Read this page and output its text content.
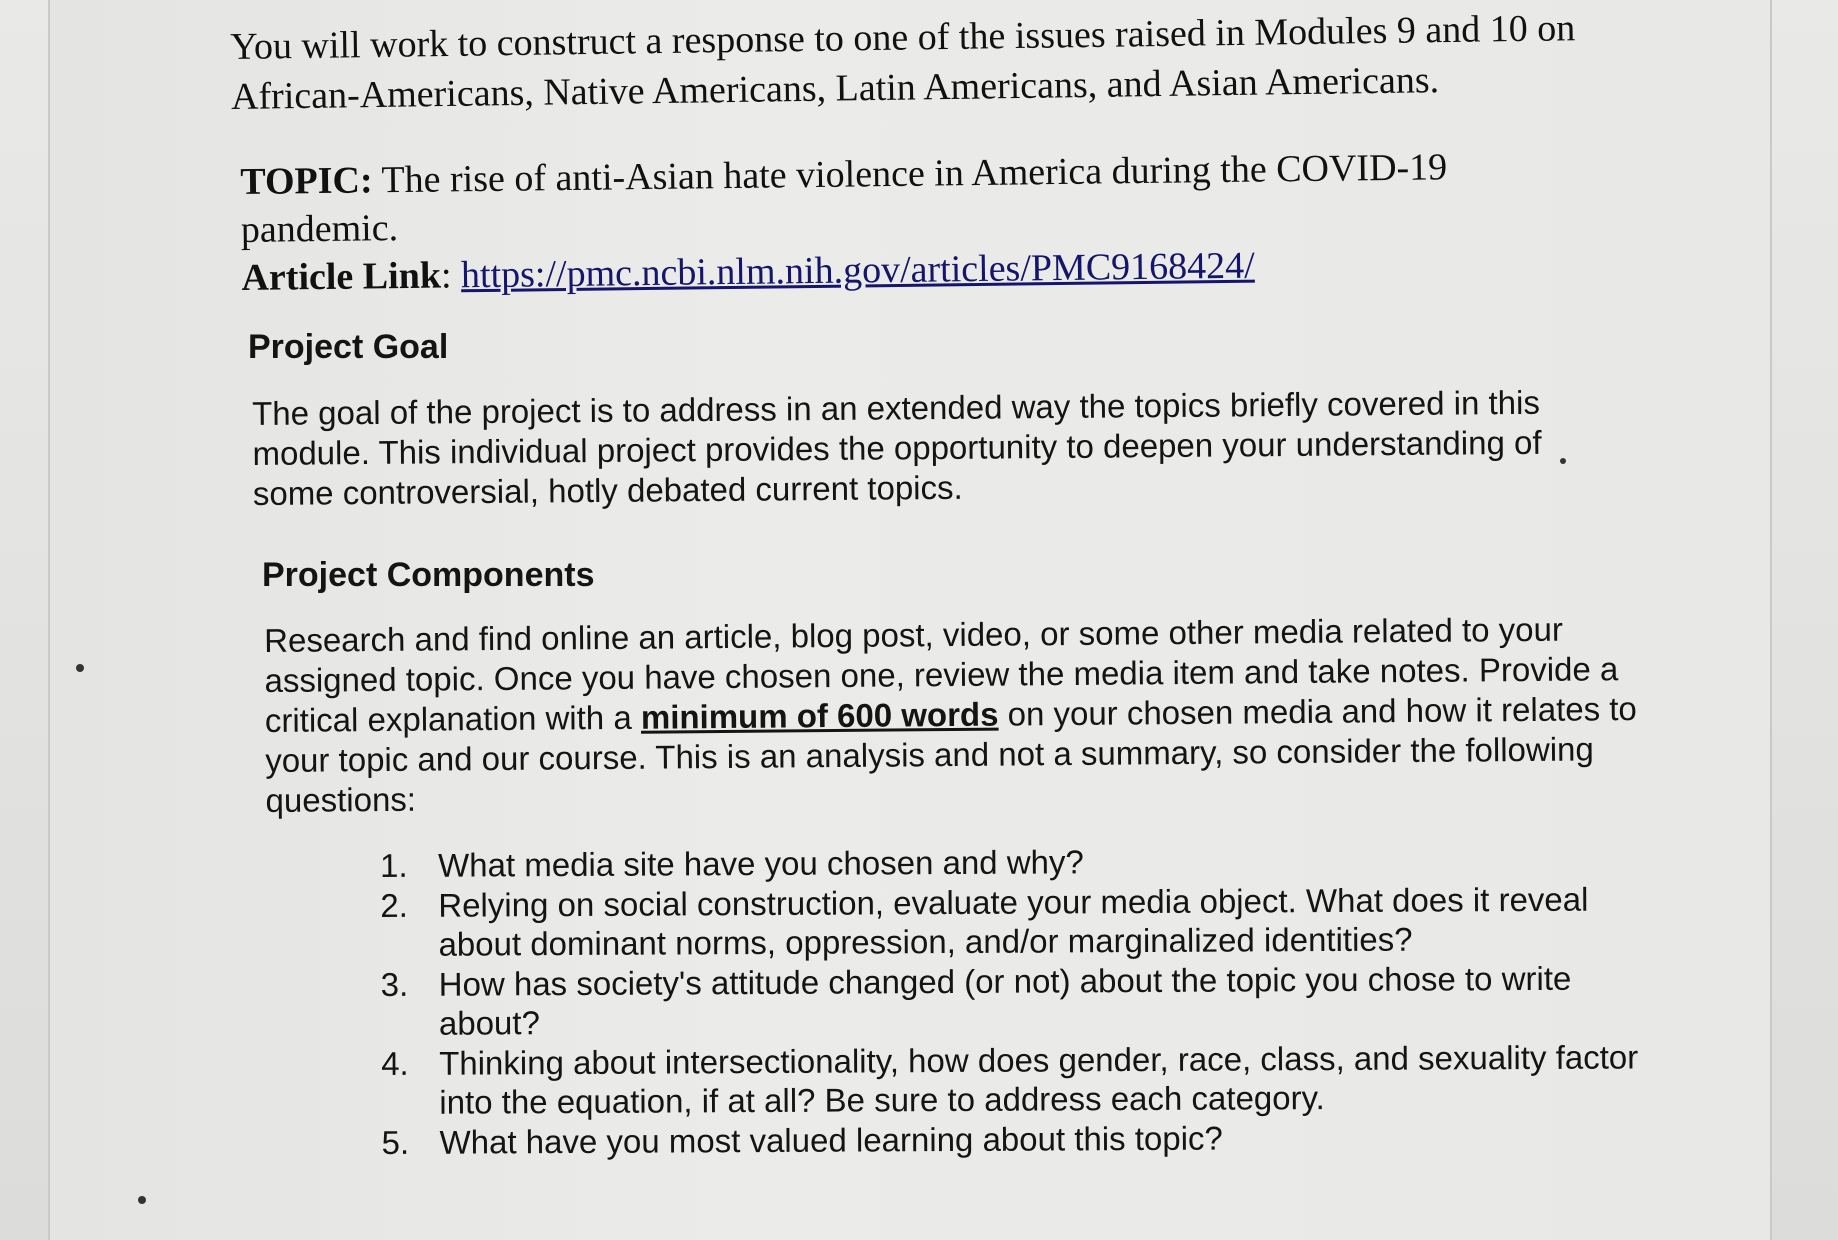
You will work to construct a response to one of the issues raised in Modules 9 and 10 on African-Americans, Native Americans, Latin Americans, and Asian Americans.
TOPIC: The rise of anti-Asian hate violence in America during the COVID-19 pandemic.
Article Link: https://pmc.ncbi.nlm.nih.gov/articles/PMC9168424/
Project Goal
The goal of the project is to address in an extended way the topics briefly covered in this module. This individual project provides the opportunity to deepen your understanding of some controversial, hotly debated current topics.
Project Components
Research and find online an article, blog post, video, or some other media related to your assigned topic. Once you have chosen one, review the media item and take notes. Provide a critical explanation with a minimum of 600 words on your chosen media and how it relates to your topic and our course. This is an analysis and not a summary, so consider the following questions:
1. What media site have you chosen and why?
2. Relying on social construction, evaluate your media object. What does it reveal about dominant norms, oppression, and/or marginalized identities?
3. How has society's attitude changed (or not) about the topic you chose to write about?
4. Thinking about intersectionality, how does gender, race, class, and sexuality factor into the equation, if at all? Be sure to address each category.
5. What have you most valued learning about this topic?
